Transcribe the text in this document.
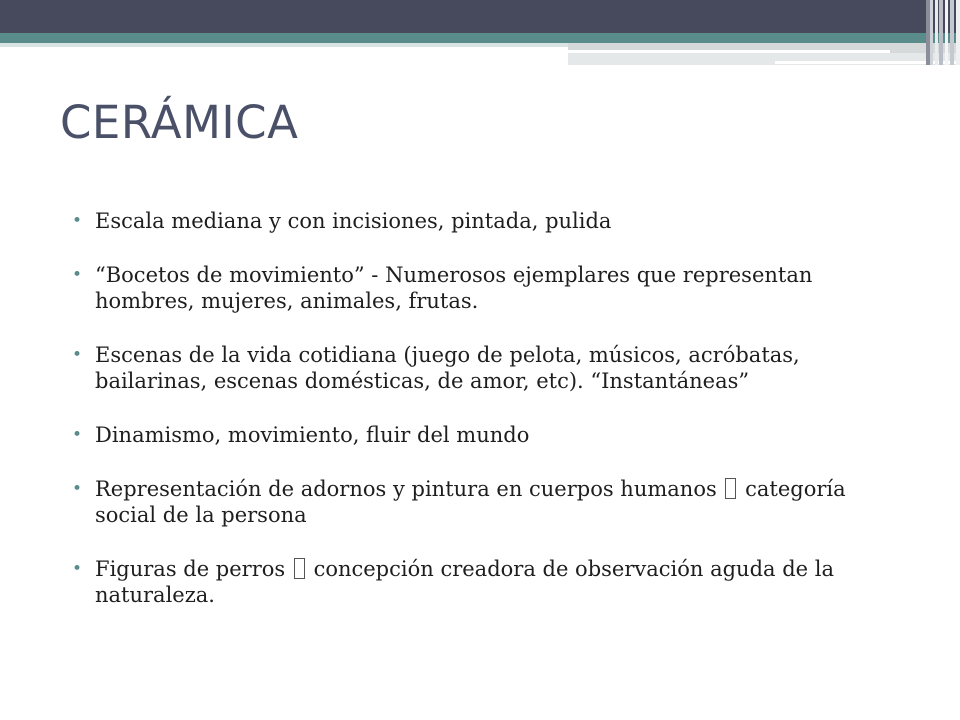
CERÁMICA
• Escala mediana y con incisiones, pintada, pulida
• “Bocetos de movimiento” - Numerosos ejemplares que representan hombres, mujeres, animales, frutas.
• Escenas de la vida cotidiana (juego de pelota, músicos, acróbatas, bailarinas, escenas domésticas, de amor, etc). “Instantáneas”
• Dinamismo, movimiento, fluir del mundo
• Representación de adornos y pintura en cuerpos humanos categoría social de la persona
• Figuras de perros concepción creadora de observación aguda de la naturaleza.
